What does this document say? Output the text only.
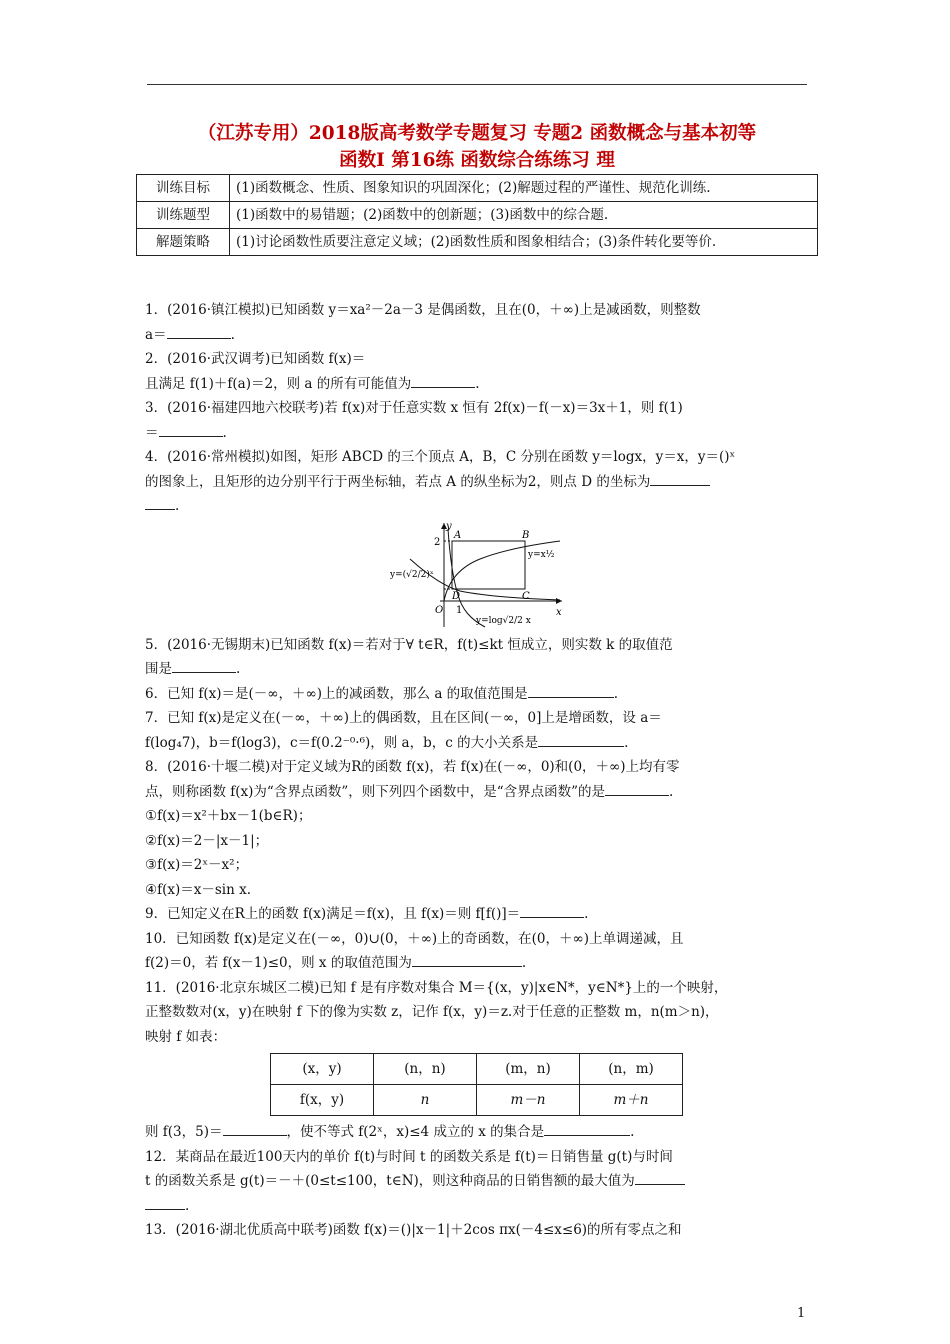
（江苏专用）2018版高考数学专题复习 专题2 函数概念与基本初等
函数Ⅰ 第16练 函数综合练练习 理
训练目标	(1)函数概念、性质、图象知识的巩固深化；(2)解题过程的严谨性、规范化训练.
训练题型	(1)函数中的易错题；(2)函数中的创新题；(3)函数中的综合题.
解题策略	(1)讨论函数性质要注意定义域；(2)函数性质和图象相结合；(3)条件转化要等价.

1．(2016·镇江模拟)已知函数 y＝xa²－2a－3 是偶函数，且在(0，＋∞)上是减函数，则整数

a＝	.

2．(2016·武汉调考)已知函数 f(x)＝

且满足 f(1)＋f(a)＝2，则 a 的所有可能值为	.

3．(2016·福建四地六校联考)若 f(x)对于任意实数 x 恒有 2f(x)－f(－x)＝3x＋1，则 f(1)

＝	.

4．(2016·常州模拟)如图，矩形 ABCD 的三个顶点 A，B，C 分别在函数 y＝logx，y＝x，y＝()ˣ

的图象上，且矩形的边分别平行于两坐标轴，若点 A 的纵坐标为2，则点 D 的坐标为

.

y
x
O
2
1
A	B
C
D
y=x½
y=(√2/2)ˣ
y=log√2/2 x

5．(2016·无锡期末)已知函数 f(x)＝若对于∀ t∈R，f(t)≤kt 恒成立，则实数 k 的取值范

围是	.

6．已知 f(x)＝是(－∞，＋∞)上的减函数，那么 a 的取值范围是	.

7．已知 f(x)是定义在(－∞，＋∞)上的偶函数，且在区间(－∞，0]上是增函数，设 a＝

f(log₄7)，b＝f(log3)，c＝f(0.2⁻⁰·⁶)，则 a，b，c 的大小关系是	.

8．(2016·十堰二模)对于定义域为R的函数 f(x)，若 f(x)在(－∞，0)和(0，＋∞)上均有零

点，则称函数 f(x)为“含界点函数”，则下列四个函数中，是“含界点函数”的是	.

①f(x)＝x²＋bx－1(b∈R)；

②f(x)＝2－|x－1|；

③f(x)＝2ˣ－x²；

④f(x)＝x－sin x.

9．已知定义在R上的函数 f(x)满足＝f(x)，且 f(x)＝则 f[f()]＝	.

10．已知函数 f(x)是定义在(－∞，0)∪(0，＋∞)上的奇函数，在(0，＋∞)上单调递减，且

f(2)＝0，若 f(x－1)≤0，则 x 的取值范围为	.

11．(2016·北京东城区二模)已知 f 是有序数对集合 M＝{(x，y)|x∈N*，y∈N*}上的一个映射，

正整数数对(x，y)在映射 f 下的像为实数 z，记作 f(x，y)＝z.对于任意的正整数 m，n(m＞n)，

映射 f 如表：

(x，y)	(n，n)	(m，n)	(n，m)
f(x，y)	n	m－n	m＋n

则 f(3，5)＝	，使不等式 f(2ˣ，x)≤4 成立的 x 的集合是	.

12．某商品在最近100天内的单价 f(t)与时间 t 的函数关系是 f(t)＝日销售量 g(t)与时间

t 的函数关系是 g(t)＝－＋(0≤t≤100，t∈N)，则这种商品的日销售额的最大值为

.

13．(2016·湖北优质高中联考)函数 f(x)＝()|x－1|＋2cos πx(－4≤x≤6)的所有零点之和

1
